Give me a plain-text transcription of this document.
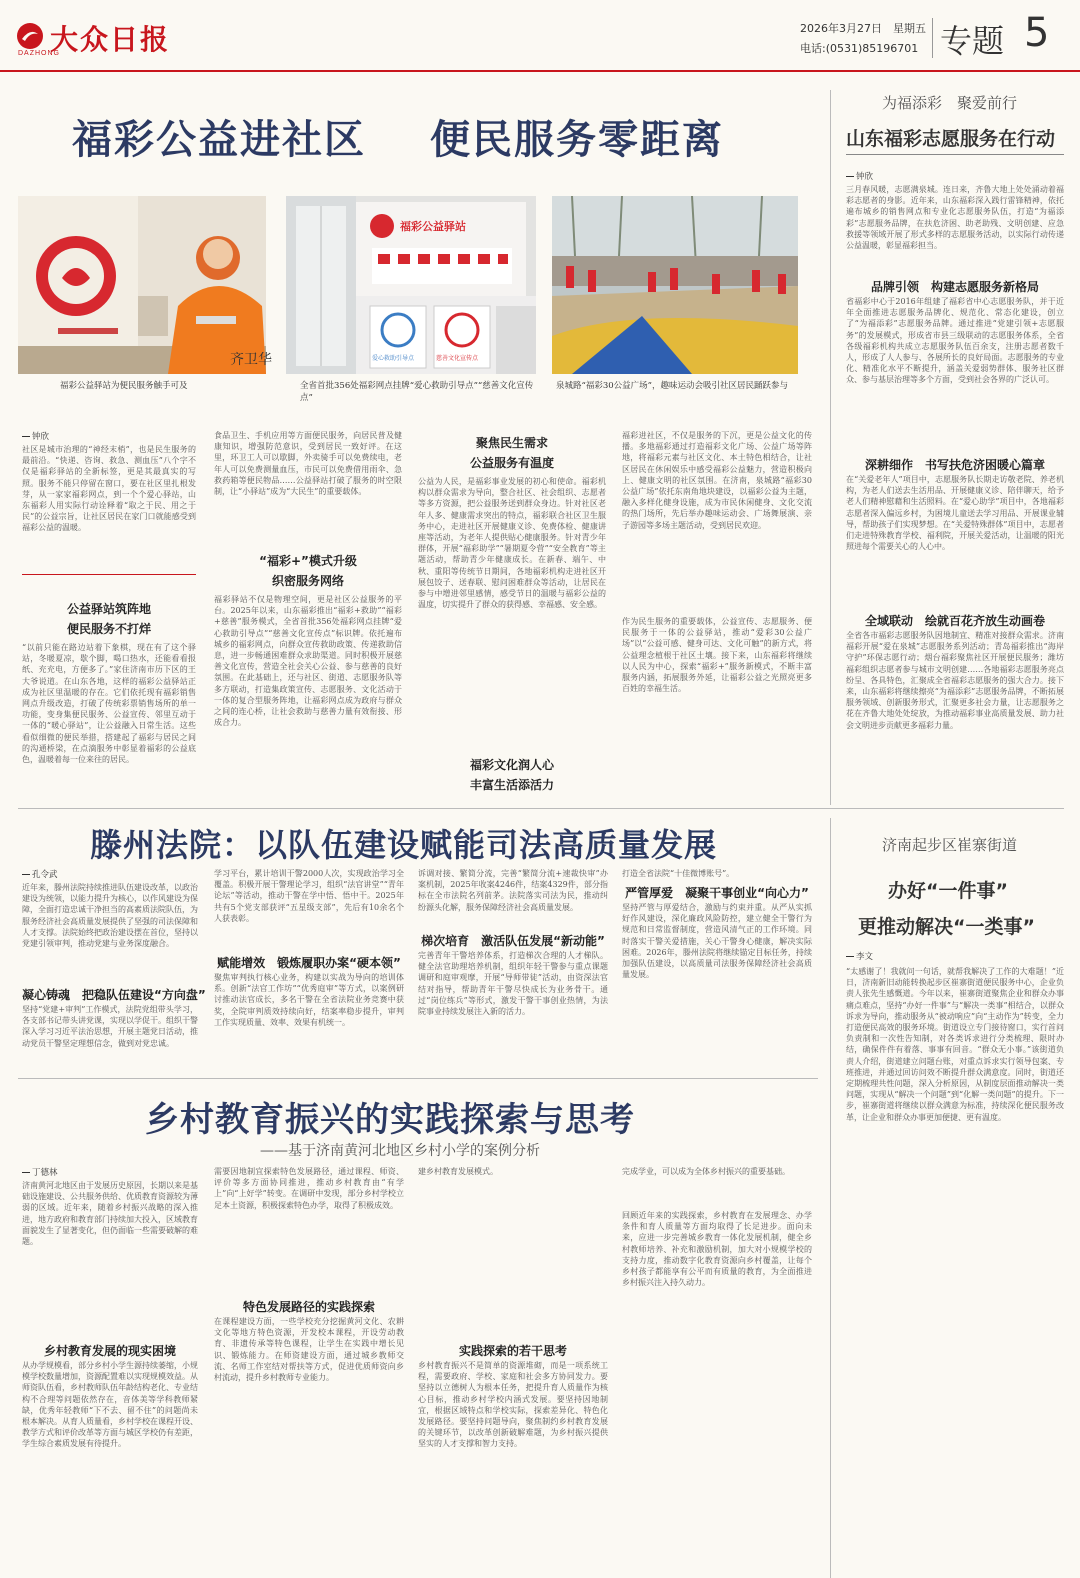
大众日报
DAZHONG
2026年3月27日　星期五
电话:(0531)85196701 专题 5
福彩公益进社区 便民服务零距离
为福添彩　聚爱前行
山东福彩志愿服务在行动
齐卫华
福彩公益驿站为便民服务触手可及
福彩公益驿站
爱心救助引导点	慈善文化宣传点
全省首批356处福彩网点挂牌“爱心救助引导点”“慈善文化宣传点”
泉城路“福彩30公益广场”，趣味运动会吸引社区居民踊跃参与
钟欣
社区是城市治理的“神经末梢”，也是民生服务的最前沿。“快递、咨询、救急、测血压”八个字不仅是福彩驿站的全新标签，更是其最真实的写照。服务不能只停留在窗口，要在社区里扎根发芽，从一家家福彩网点，到一个个爱心驿站，山东福彩人用实际行动诠释着“取之于民、用之于民”的公益宗旨，让社区居民在家门口就能感受到福彩公益的温暖。
公益驿站筑阵地
便民服务不打烊
“以前只能在路边站着下象棋，现在有了这个驿站，冬暖夏凉，歇个脚，喝口热水，还能看看报纸、充充电，方便多了。”家住济南市历下区的王大爷说道。在山东各地，这样的福彩公益驿站正成为社区里温暖的存在。它们依托现有福彩销售网点升级改造，打破了传统彩票销售场所的单一功能，变身集便民服务、公益宣传、邻里互动于一体的“暖心驿站”，让公益融入日常生活。这些看似细微的便民举措，搭建起了福彩与居民之间的沟通桥梁，在点滴服务中彰显着福彩的公益底色，温暖着每一位来往的居民。
食品卫生、手机应用等方面便民服务，向居民普及健康知识，增强防范意识，受到居民一致好评。在这里，环卫工人可以歇脚，外卖骑手可以免费续电，老年人可以免费测量血压，市民可以免费借用雨伞、急救药箱等便民物品……公益驿站打破了服务的时空限制，让“小驿站”成为“大民生”的重要载体。
“福彩+”模式升级
织密服务网络
福彩驿站不仅是物理空间，更是社区公益服务的平台。2025年以来，山东福彩推出“福彩+救助”“福彩+慈善”服务模式，全省首批356处福彩网点挂牌“爱心救助引导点”“慈善文化宣传点”标识牌。依托遍布城乡的福彩网点，向群众宣传救助政策、传递救助信息，进一步畅通困难群众求助渠道。同时积极开展慈善文化宣传，营造全社会关心公益、参与慈善的良好氛围。在此基础上，还与社区、街道、志愿服务队等多方联动，打造集政策宣传、志愿服务、文化活动于一体的复合型服务阵地，让福彩网点成为政府与群众之间的连心桥，让社会救助与慈善力量有效衔接、形成合力。
聚焦民生需求
公益服务有温度
公益为人民，是福彩事业发展的初心和使命。福彩机构以群众需求为导向，整合社区、社会组织、志愿者等多方资源，把公益服务送到群众身边。针对社区老年人多、健康需求突出的特点，福彩联合社区卫生服务中心，走进社区开展健康义诊、免费体检、健康讲座等活动，为老年人提供贴心健康服务。针对青少年群体，开展“福彩助学”“暑期夏令营”“安全教育”等主题活动，帮助青少年健康成长。在新春、端午、中秋、重阳等传统节日期间，各地福彩机构走进社区开展包饺子、送春联、慰问困难群众等活动，让居民在参与中增进邻里感情，感受节日的温暖与福彩公益的温度，切实提升了群众的获得感、幸福感、安全感。
福彩文化润人心
丰富生活添活力
福彩进社区，不仅是服务的下沉，更是公益文化的传播。多地福彩通过打造福彩文化广场、公益广场等阵地，将福彩元素与社区文化、本土特色相结合，让社区居民在休闲娱乐中感受福彩公益魅力，营造积极向上、健康文明的社区氛围。在济南，泉城路“福彩30公益广场”依托东南角地块建设，以福彩公益为主题，融入多样化健身设施，成为市民休闲健身、文化交流的热门场所，先后举办趣味运动会、广场舞展演、亲子游园等多场主题活动，受到居民欢迎。
作为民生服务的重要载体，公益宣传、志愿服务、便民服务于一体的公益驿站，推动“爱彩30公益广场”以“公益可感、健身可达、文化可触”的新方式，将公益理念植根于社区土壤。接下来，山东福彩将继续以人民为中心，探索“福彩+”服务新模式，不断丰富服务内涵，拓展服务外延，让福彩公益之光照亮更多百姓的幸福生活。
钟欣
三月春风暖，志愿满泉城。连日来，齐鲁大地上处处涌动着福彩志愿者的身影。近年来，山东福彩深入践行雷锋精神，依托遍布城乡的销售网点和专业化志愿服务队伍，打造“为福添彩”志愿服务品牌，在扶危济困、助老助残、文明创建、应急救援等领域开展了形式多样的志愿服务活动，以实际行动传递公益温暖，彰显福彩担当。
品牌引领　构建志愿服务新格局
省福彩中心于2016年组建了福彩省中心志愿服务队，并于近年全面推进志愿服务品牌化、规范化、常态化建设，创立了“为福添彩”志愿服务品牌。通过推进“党建引领+志愿服务”的发展模式，形成省市县三级联动的志愿服务体系，全省各级福彩机构共成立志愿服务队伍百余支，注册志愿者数千人，形成了人人参与、各展所长的良好局面。志愿服务的专业化、精准化水平不断提升，涵盖关爱弱势群体、服务社区群众、参与基层治理等多个方面，受到社会各界的广泛认可。
深耕细作　书写扶危济困暖心篇章
在“关爱老年人”项目中，志愿服务队长期走访敬老院、养老机构，为老人们送去生活用品、开展健康义诊、陪伴聊天，给予老人们精神慰藉和生活照料。在“爱心助学”项目中，各地福彩志愿者深入偏远乡村，为困境儿童送去学习用品、开展课业辅导，帮助孩子们实现梦想。在“关爱特殊群体”项目中，志愿者们走进特殊教育学校、福利院，开展关爱活动，让温暖的阳光照进每个需要关心的人心中。
全域联动　绘就百花齐放生动画卷
全省各市福彩志愿服务队因地制宜、精准对接群众需求。济南福彩开展“爱在泉城”志愿服务系列活动；青岛福彩推出“海岸守护”环保志愿行动；烟台福彩聚焦社区开展便民服务；潍坊福彩组织志愿者参与城市文明创建……各地福彩志愿服务亮点纷呈、各具特色，汇聚成全省福彩志愿服务的强大合力。接下来，山东福彩将继续擦亮“为福添彩”志愿服务品牌，不断拓展服务领域、创新服务形式，汇聚更多社会力量，让志愿服务之花在齐鲁大地处处绽放，为推动福彩事业高质量发展、助力社会文明进步贡献更多福彩力量。
滕州法院：以队伍建设赋能司法高质量发展
孔令武
近年来，滕州法院持续推进队伍建设改革，以政治建设为统领，以能力提升为核心，以作风建设为保障，全面打造忠诚干净担当的高素质法院队伍，为服务经济社会高质量发展提供了坚强的司法保障和人才支撑。法院始终把政治建设摆在首位，坚持以党建引领审判，推动党建与业务深度融合。
凝心铸魂　把稳队伍建设“方向盘”
坚持“党建+审判”工作模式，法院党组带头学习，各支部书记带头讲党课，实现以学促干。组织干警深入学习习近平法治思想，开展主题党日活动，推动党员干警坚定理想信念，做到对党忠诚。
学习平台，累计培训干警2000人次，实现政治学习全覆盖。积极开展干警理论学习，组织“法官讲堂”“青年论坛”等活动，推动干警在学中悟、悟中干。2025年共有5个党支部获评“五星级支部”，先后有10余名个人获表彰。
赋能增效　锻炼履职办案“硬本领”
聚焦审判执行核心业务，构建以实战为导向的培训体系。创新“法官工作坊”“优秀庭审”等方式，以案例研讨推动法官成长，多名干警在全省法院业务竞赛中获奖，全院审判质效持续向好，结案率稳步提升，审判工作实现质量、效率、效果有机统一。
诉调对接、繁简分流，完善“繁简分流+速裁快审”办案机制，2025年收案4246件，结案4329件，部分指标在全市法院名列前茅。法院落实司法为民，推动纠纷源头化解，服务保障经济社会高质量发展。
梯次培育　激活队伍发展“新动能”
完善青年干警培养体系，打造梯次合理的人才梯队。健全法官助理培养机制，组织年轻干警参与重点课题调研和庭审观摩，开展“导师带徒”活动，由资深法官结对指导，帮助青年干警尽快成长为业务骨干。通过“岗位练兵”等形式，激发干警干事创业热情，为法院事业持续发展注入新的活力。
打造全省法院“十佳微博账号”。
严管厚爱　凝聚干事创业“向心力”
坚持严管与厚爱结合，激励与约束并重。从严从实抓好作风建设，深化廉政风险防控，建立健全干警行为规范和日常监督制度，营造风清气正的工作环境。同时落实干警关爱措施，关心干警身心健康，解决实际困难。2026年，滕州法院将继续锚定目标任务，持续加强队伍建设，以高质量司法服务保障经济社会高质量发展。
济南起步区崔寨街道
办好“一件事”
更推动解决“一类事”
李文
“太感谢了！我就问一句话，就帮我解决了工作的大难题！”近日，济南新旧动能转换起步区崔寨街道便民服务中心，企业负责人张先生感慨道。今年以来，崔寨街道聚焦企业和群众办事痛点难点，坚持“办好一件事”与“解决一类事”相结合，以群众诉求为导向，推动服务从“被动响应”向“主动作为”转变，全力打造便民高效的服务环境。街道设立专门接待窗口，实行首问负责制和一次性告知制，对各类诉求进行分类梳理、限时办结，确保件件有着落、事事有回音。“群众无小事。”该街道负责人介绍，街道建立问题台账，对重点诉求实行领导包案、专班推进，并通过回访问效不断提升群众满意度。同时，街道还定期梳理共性问题，深入分析原因，从制度层面推动解决一类问题，实现从“解决一个问题”到“化解一类问题”的提升。下一步，崔寨街道将继续以群众满意为标准，持续深化便民服务改革，让企业和群众办事更加便捷、更有温度。
乡村教育振兴的实践探索与思考
——基于济南黄河北地区乡村小学的案例分析
丁德林
济南黄河北地区由于发展历史原因，长期以来是基础设施建设、公共服务供给、优质教育资源较为薄弱的区域。近年来，随着乡村振兴战略的深入推进，地方政府和教育部门持续加大投入，区域教育面貌发生了显著变化，但仍面临一些需要破解的难题。
乡村教育发展的现实困境
从办学规模看，部分乡村小学生源持续萎缩，小规模学校数量增加，资源配置难以实现规模效益。从师资队伍看，乡村教师队伍年龄结构老化、专业结构不合理等问题依然存在，音体美等学科教师紧缺，优秀年轻教师“下不去、留不住”的问题尚未根本解决。从育人质量看，乡村学校在课程开设、教学方式和评价改革等方面与城区学校仍有差距，学生综合素质发展有待提升。
需要因地制宜探索特色发展路径，通过课程、师资、评价等多方面协同推进，推动乡村教育由“有学上”向“上好学”转变。在调研中发现，部分乡村学校立足本土资源，积极探索特色办学，取得了积极成效。
特色发展路径的实践探索
在课程建设方面，一些学校充分挖掘黄河文化、农耕文化等地方特色资源，开发校本课程，开设劳动教育、非遗传承等特色课程，让学生在实践中增长见识、锻炼能力。在师资建设方面，通过城乡教师交流、名师工作室结对帮扶等方式，促进优质师资向乡村流动，提升乡村教师专业能力。
建乡村教育发展模式。
实践探索的若干思考
乡村教育振兴不是简单的资源堆砌，而是一项系统工程，需要政府、学校、家庭和社会多方协同发力。要坚持以立德树人为根本任务，把提升育人质量作为核心目标，推动乡村学校内涵式发展。要坚持因地制宜，根据区域特点和学校实际，探索差异化、特色化发展路径。要坚持问题导向，聚焦制约乡村教育发展的关键环节，以改革创新破解难题，为乡村振兴提供坚实的人才支撑和智力支持。
完成学业，可以成为全体乡村振兴的重要基础。
回顾近年来的实践探索，乡村教育在发展理念、办学条件和育人质量等方面均取得了长足进步。面向未来，应进一步完善城乡教育一体化发展机制，健全乡村教师培养、补充和激励机制，加大对小规模学校的支持力度，推动数字化教育资源向乡村覆盖，让每个乡村孩子都能享有公平而有质量的教育，为全面推进乡村振兴注入持久动力。
